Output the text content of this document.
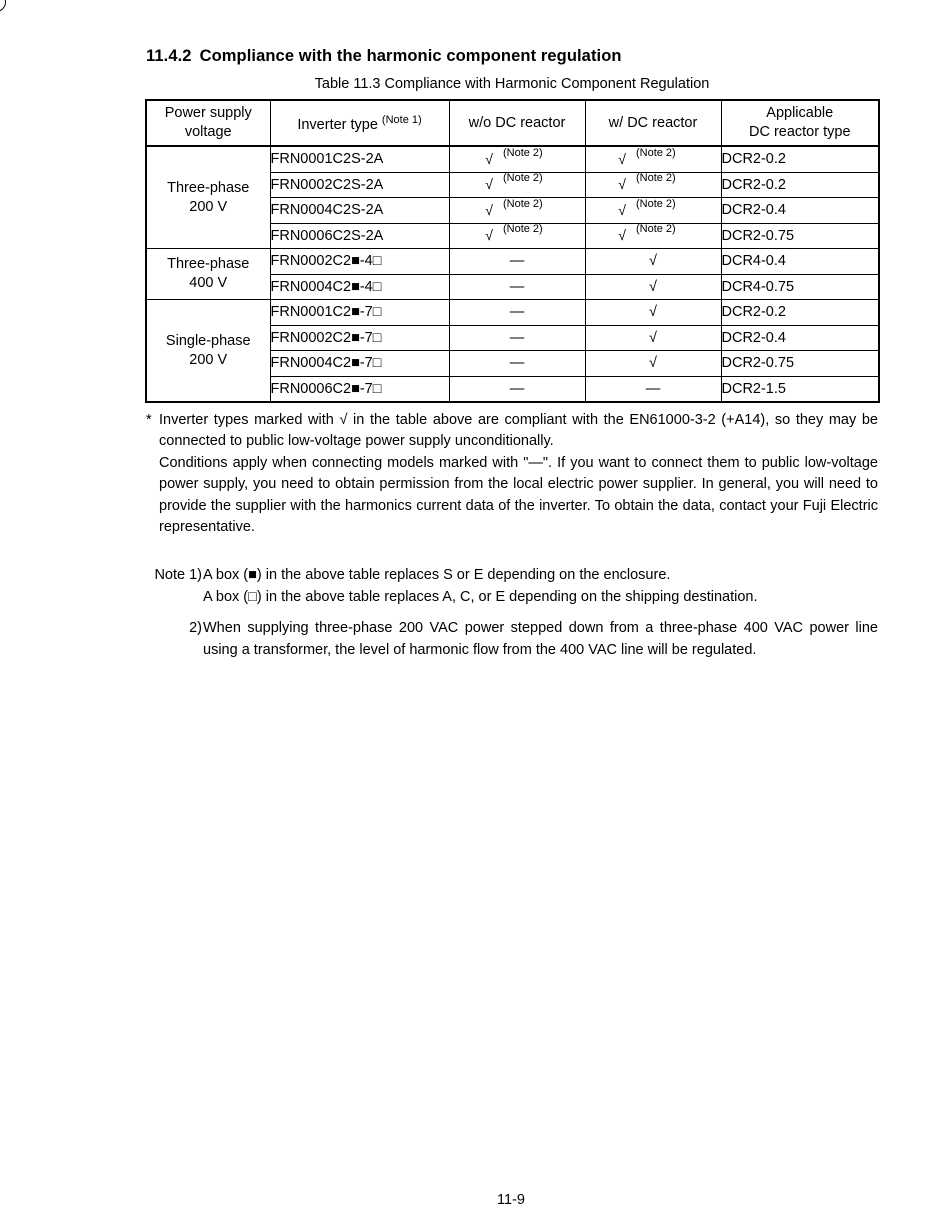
11.4.2 Compliance with the harmonic component regulation
Table 11.3 Compliance with Harmonic Component Regulation
Power supply
voltage	Inverter type $^{(Note 1)}$	w/o DC reactor	w/ DC reactor	Applicable
DC reactor type
Three-phase
200 V	FRN0001C2S-2A	√ (Note 2)	√ (Note 2)	DCR2-0.2
	FRN0002C2S-2A	√ (Note 2)	√ (Note 2)	DCR2-0.2
	FRN0004C2S-2A	√ (Note 2)	√ (Note 2)	DCR2-0.4
	FRN0006C2S-2A	√ (Note 2)	√ (Note 2)	DCR2-0.75
Three-phase
400 V	FRN0002C2■-4□	—	√	DCR4-0.4
	FRN0004C2■-4□	—	√	DCR4-0.75
Single-phase
200 V	FRN0001C2■-7□	—	√	DCR2-0.2
	FRN0002C2■-7□	—	√	DCR2-0.4
	FRN0004C2■-7□	—	√	DCR2-0.75
	FRN0006C2■-7□	—	—	DCR2-1.5
* Inverter types marked with √ in the table above are compliant with the EN61000-3-2 (+A14), so they may be connected to public low-voltage power supply unconditionally.

Conditions apply when connecting models marked with "—". If you want to connect them to public low-voltage power supply, you need to obtain permission from the local electric power supplier. In general, you will need to provide the supplier with the harmonics current data of the inverter. To obtain the data, contact your Fuji Electric representative.

Note 1) A box (■) in the above table replaces S or E depending on the enclosure.

A box (□) in the above table replaces A, C, or E depending on the shipping destination.

2) When supplying three-phase 200 VAC power stepped down from a three-phase 400 VAC power line using a transformer, the level of harmonic flow from the 400 VAC line will be regulated.

11-9
